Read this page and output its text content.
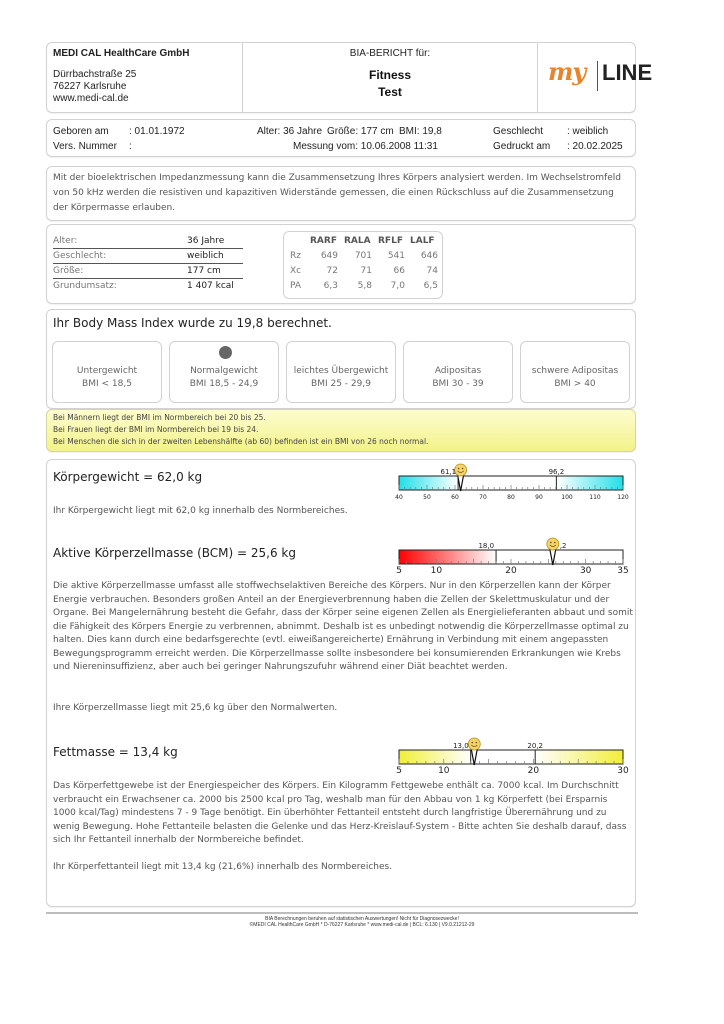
MEDI CAL HealthCare GmbH
Dürrbachstraße 25
76227 Karlsruhe
www.medi-cal.de
BIA-BERICHT für:
Fitness
Test
my LINE
Geboren am : 01.01.1972
Vers. Nummer :
Alter: 36 Jahre Größe: 177 cm BMI: 19,8
Messung vom: 10.06.2008 11:31
Geschlecht : weiblich
Gedruckt am : 20.02.2025
Mit der bioelektrischen Impedanzmessung kann die Zusammensetzung Ihres Körpers analysiert werden. Im Wechselstromfeld von 50 kHz werden die resistiven und kapazitiven Widerstände gemessen, die einen Rückschluss auf die Zusammensetzung der Körpermasse erlauben.
Alter:	36 Jahre
Geschlecht:	weiblich
Größe:	177 cm
Grundumsatz:	1 407 kcal
RARF RALA RFLF LALF
Rz	649	701	541	646
Xc	72	71	66	74
PA	6,3	5,8	7,0	6,5
Ihr Body Mass Index wurde zu 19,8 berechnet.
Untergewicht
BMI < 18,5
Normalgewicht
BMI 18,5 - 24,9
leichtes Übergewicht
BMI 25 - 29,9
Adipositas
BMI 30 - 39
schwere Adipositas
BMI > 40
Bei Männern liegt der BMI im Normbereich bei 20 bis 25.
Bei Frauen liegt der BMI im Normbereich bei 19 bis 24.
Bei Menschen die sich in der zweiten Lebenshälfte (ab 60) befinden ist ein BMI von 26 noch normal.
Körpergewicht = 62,0 kg
40	50	60	70	80	90	100	110	120
61,1	96,2
Ihr Körpergewicht liegt mit 62,0 kg innerhalb des Normbereiches.
Aktive Körperzellmasse (BCM) = 25,6 kg
5	10	20	30	35
18,0	,2
Die aktive Körperzellmasse umfasst alle stoffwechselaktiven Bereiche des Körpers. Nur in den Körperzellen kann der Körper Energie verbrauchen. Besonders großen Anteil an der Energieverbrennung haben die Zellen der Skelettmuskulatur und der Organe. Bei Mangelernährung besteht die Gefahr, dass der Körper seine eigenen Zellen als Energielieferanten abbaut und somit die Fähigkeit des Körpers Energie zu verbrennen, abnimmt. Deshalb ist es unbedingt notwendig die Körperzellmasse optimal zu halten. Dies kann durch eine bedarfsgerechte (evtl. eiweißangereicherte) Ernährung in Verbindung mit einem angepassten Bewegungsprogramm erreicht werden. Die Körperzellmasse sollte insbesondere bei konsumierenden Erkrankungen wie Krebs und Niereninsuffizienz, aber auch bei geringer Nahrungszufuhr während einer Diät beachtet werden.
Ihre Körperzellmasse liegt mit 25,6 kg über den Normalwerten.
Fettmasse = 13,4 kg
5	10	20	30
13,0	20,2
Das Körperfettgewebe ist der Energiespeicher des Körpers. Ein Kilogramm Fettgewebe enthält ca. 7000 kcal. Im Durchschnitt verbraucht ein Erwachsener ca. 2000 bis 2500 kcal pro Tag, weshalb man für den Abbau von 1 kg Körperfett (bei Ersparnis 1000 kcal/Tag) mindestens 7 - 9 Tage benötigt. Ein überhöhter Fettanteil entsteht durch langfristige Überernährung und zu wenig Bewegung. Hohe Fettanteile belasten die Gelenke und das Herz-Kreislauf-System - Bitte achten Sie deshalb darauf, dass sich Ihr Fettanteil innerhalb der Normbereiche befindet.
Ihr Körperfettanteil liegt mit 13,4 kg (21,6%) innerhalb des Normbereiches.
BIA Berechnungen beruhen auf statistischen Auswertungen! Nicht für Diagnosezwecke!
©MEDI CAL HealthCare GmbH * D-76227 Karlsruhe * www.medi-cal.de | BCL: 6.130 | V9.0.21212-29
